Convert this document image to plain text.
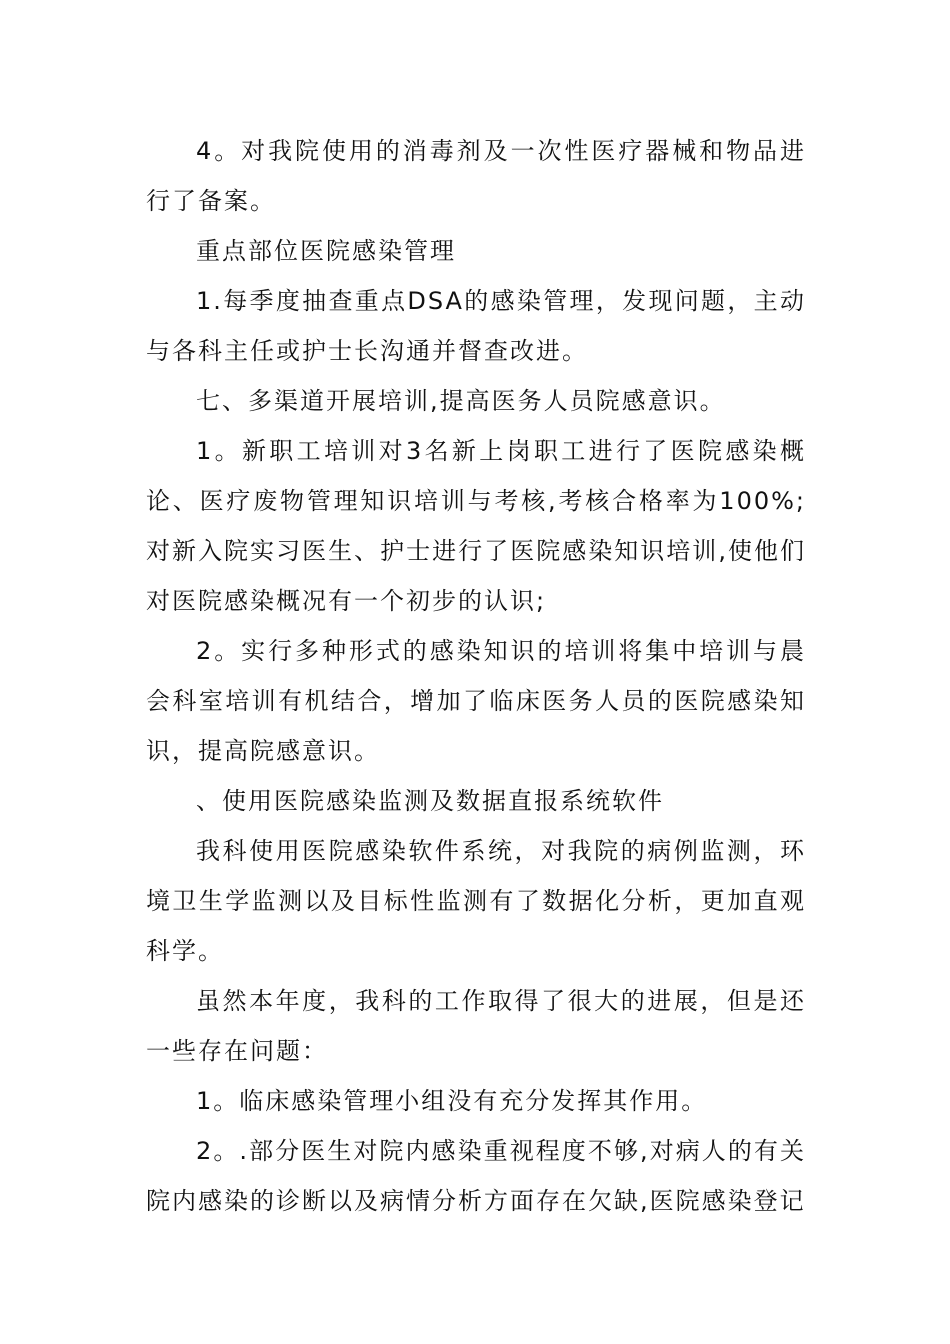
4。对我院使用的消毒剂及一次性医疗器械和物品进行了备案。

重点部位医院感染管理

1.每季度抽查重点DSA的感染管理，发现问题，主动与各科主任或护士长沟通并督查改进。

七、多渠道开展培训,提高医务人员院感意识。

1。新职工培训对3名新上岗职工进行了医院感染概论、医疗废物管理知识培训与考核,考核合格率为100%;对新入院实习医生、护士进行了医院感染知识培训,使他们对医院感染概况有一个初步的认识;

2。实行多种形式的感染知识的培训将集中培训与晨会科室培训有机结合，增加了临床医务人员的医院感染知识，提高院感意识。

、使用医院感染监测及数据直报系统软件

我科使用医院感染软件系统，对我院的病例监测，环境卫生学监测以及目标性监测有了数据化分析，更加直观科学。

虽然本年度，我科的工作取得了很大的进展，但是还一些存在问题：

1。临床感染管理小组没有充分发挥其作用。

2。.部分医生对院内感染重视程度不够,对病人的有关院内感染的诊断以及病情分析方面存在欠缺,医院感染登记
